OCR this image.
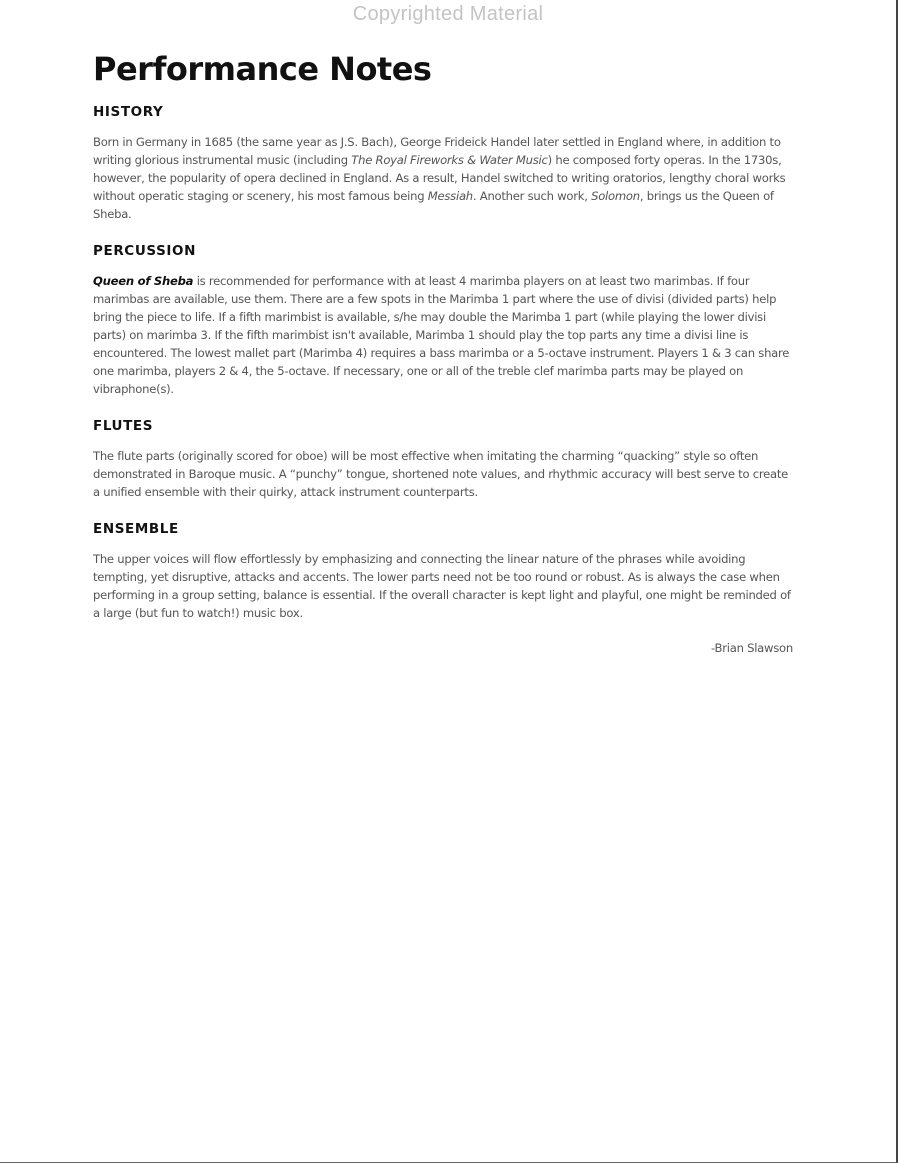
Copyrighted Material
Performance Notes
HISTORY

Born in Germany in 1685 (the same year as J.S. Bach), George Frideick Handel later settled in England where, in addition to writing glorious instrumental music (including The Royal Fireworks & Water Music) he composed forty operas. In the 1730s, however, the popularity of opera declined in England. As a result, Handel switched to writing oratorios, lengthy choral works without operatic staging or scenery, his most famous being Messiah. Another such work, Solomon, brings us the Queen of Sheba.

PERCUSSION

Queen of Sheba is recommended for performance with at least 4 marimba players on at least two marimbas. If four marimbas are available, use them. There are a few spots in the Marimba 1 part where the use of divisi (divided parts) help bring the piece to life. If a fifth marimbist is available, s/he may double the Marimba 1 part (while playing the lower divisi parts) on marimba 3. If the fifth marimbist isn't available, Marimba 1 should play the top parts any time a divisi line is encountered. The lowest mallet part (Marimba 4) requires a bass marimba or a 5-octave instrument. Players 1 & 3 can share one marimba, players 2 & 4, the 5-octave. If necessary, one or all of the treble clef marimba parts may be played on vibraphone(s).

FLUTES

The flute parts (originally scored for oboe) will be most effective when imitating the charming “quacking” style so often demonstrated in Baroque music. A “punchy” tongue, shortened note values, and rhythmic accuracy will best serve to create a unified ensemble with their quirky, attack instrument counterparts.

ENSEMBLE

The upper voices will flow effortlessly by emphasizing and connecting the linear nature of the phrases while avoiding tempting, yet disruptive, attacks and accents. The lower parts need not be too round or robust. As is always the case when performing in a group setting, balance is essential. If the overall character is kept light and playful, one might be reminded of a large (but fun to watch!) music box.

-Brian Slawson
